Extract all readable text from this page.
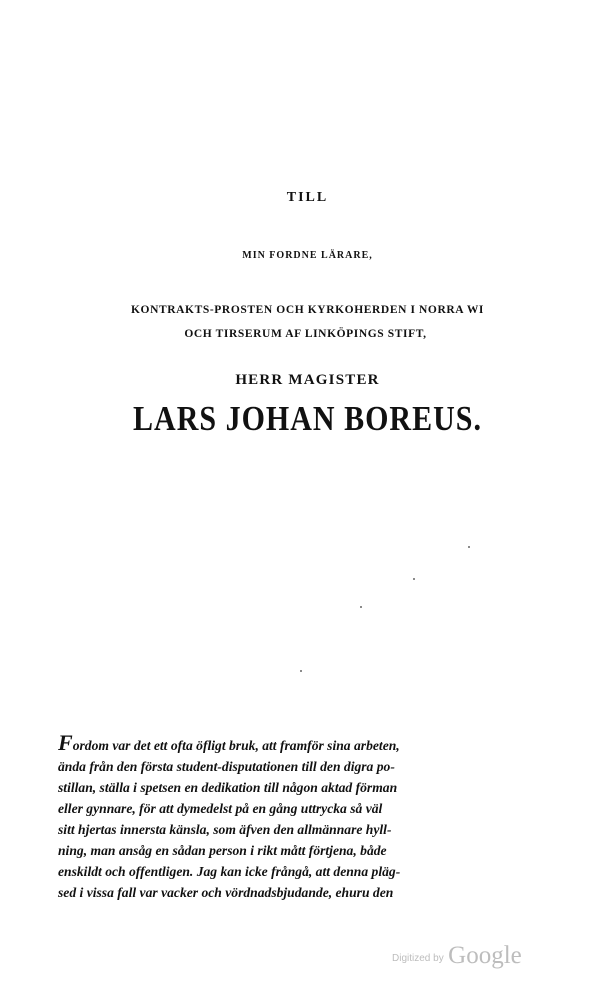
TILL
MIN FORDNE LÄRARE,
KONTRAKTS-PROSTEN OCH KYRKOHERDEN I NORRA WI
OCH TIRSERUM AF LINKÖPINGS STIFT,
HERR MAGISTER
LARS JOHAN BOREUS.
Fordom var det ett ofta öfligt bruk, att framför sina arbeten,
ända från den första student-disputationen till den digra po-
stillan, ställa i spetsen en dedikation till någon aktad förman
eller gynnare, för att dymedelst på en gång uttrycka så väl
sitt hjertas innersta känsla, som äfven den allmännare hyll-
ning, man ansåg en sådan person i rikt mått förtjena, både
enskildt och offentligen. Jag kan icke frångå, att denna pläg-
sed i vissa fall var vacker och vördnadsbjudande, ehuru den
Digitized by Google
